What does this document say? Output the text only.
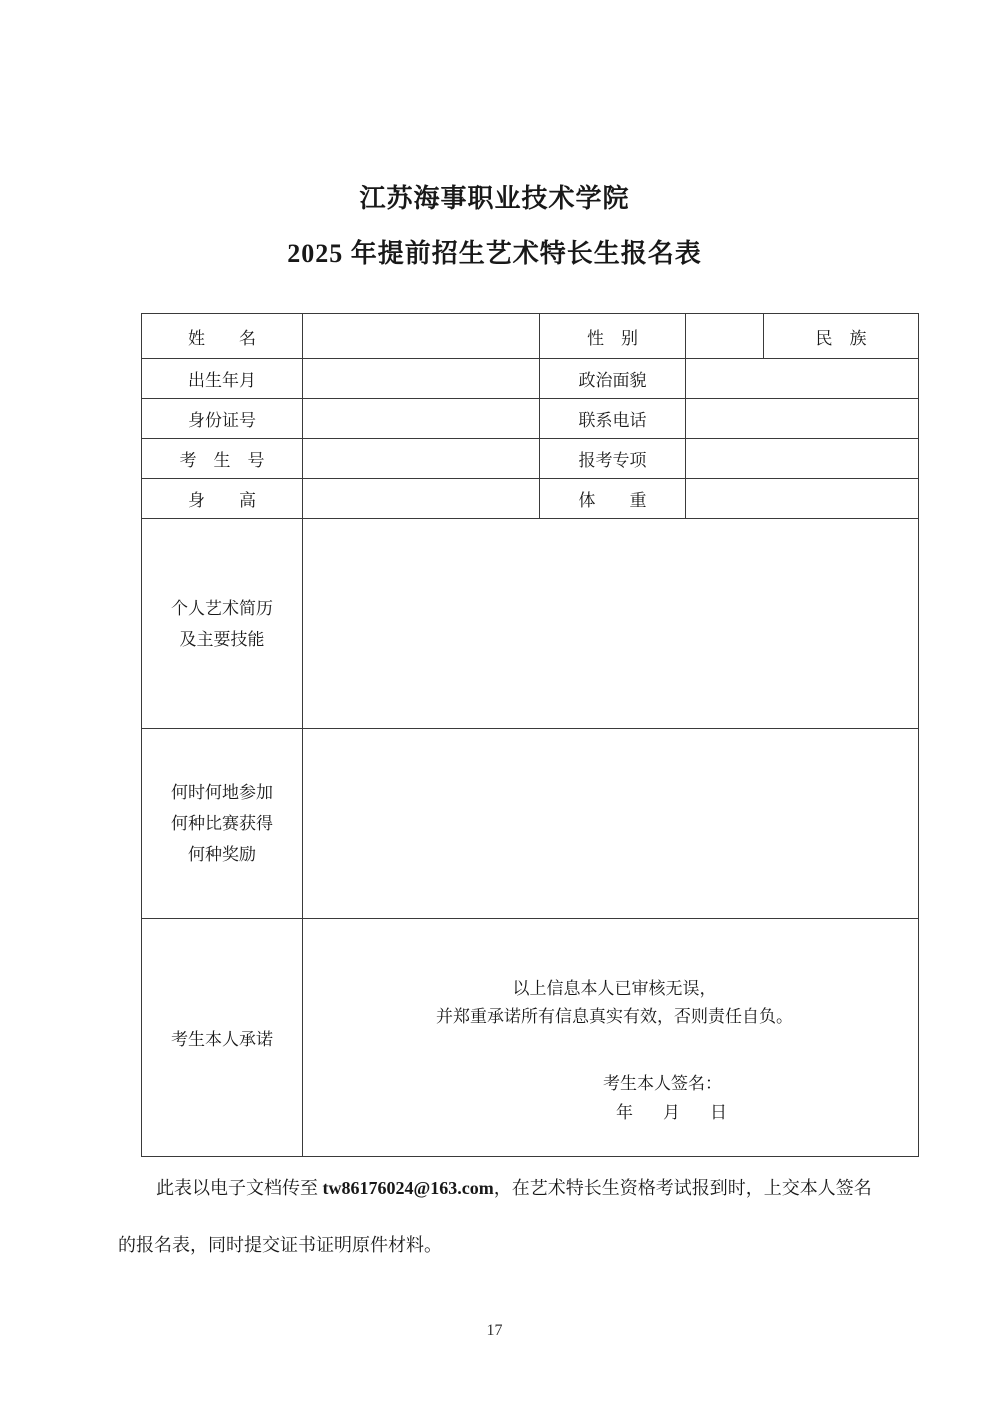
江苏海事职业技术学院
2025 年提前招生艺术特长生报名表
姓　　名		性　别		民　族	
出生年月		政治面貌			
身份证号		联系电话			
考　生　号		报考专项			
身　　高		体　　重			

个人艺术简历
及主要技能					

何时何地参加
何种比赛获得
何种奖励					

考生本人承诺	以上信息本人已审核无误，
并郑重承诺所有信息真实有效，否则责任自负。
考生本人签名：
年 月 日				
此表以电子文档传至 tw86176024@163.com，在艺术特长生资格考试报到时，上交本人签名的报名表，同时提交证书证明原件材料。
17
